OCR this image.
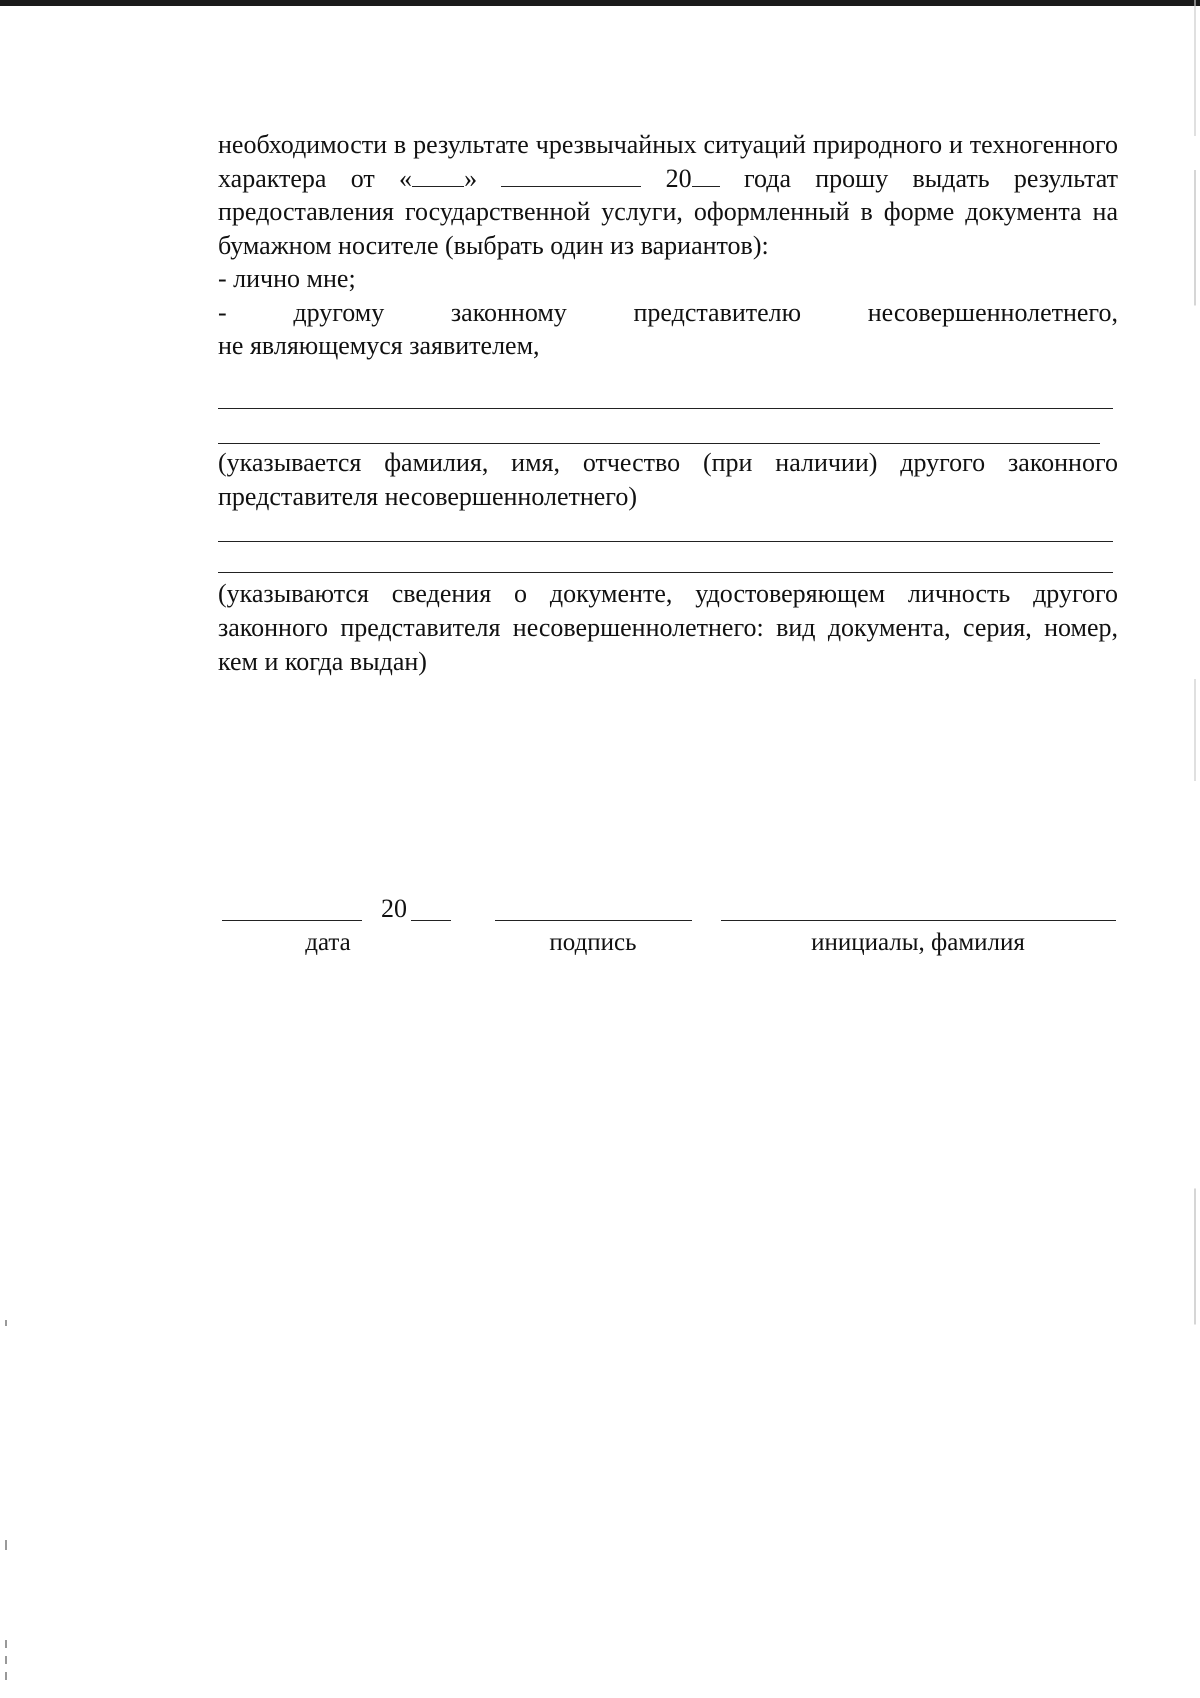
необходимости в результате чрезвычайных ситуаций природного и техногенного характера от « »	20 года прошу выдать результат предоставления государственной услуги, оформленный в форме документа на бумажном носителе (выбрать один из вариантов):

- лично мне;

-	другому	законному	представителю	несовершеннолетнего,

не являющемуся заявителем,

(указывается фамилия, имя, отчество (при наличии) другого законного представителя несовершеннолетнего)

(указываются сведения о документе, удостоверяющем личность другого законного представителя несовершеннолетнего: вид документа, серия, номер, кем и когда выдан)

20
дата	подпись	инициалы, фамилия
